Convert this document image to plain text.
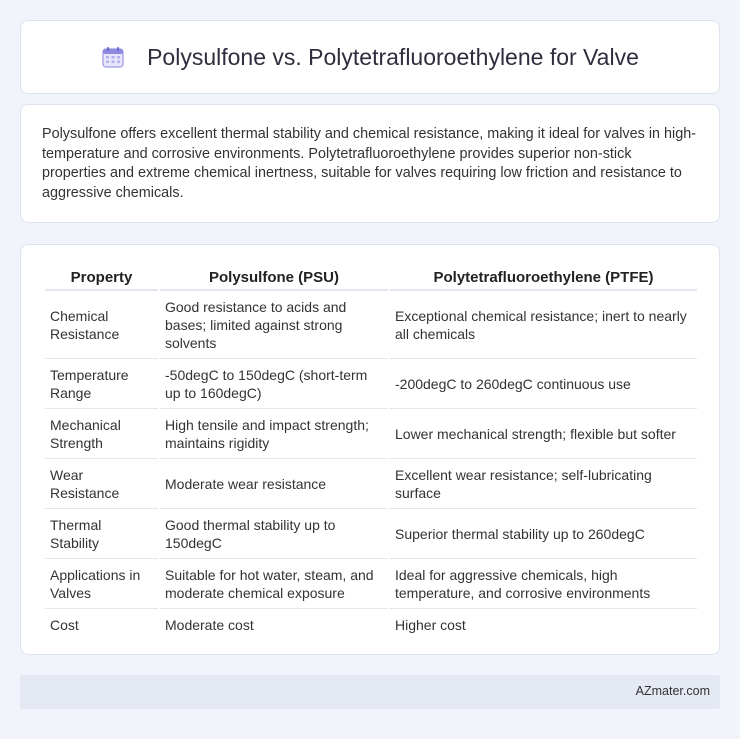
Polysulfone vs. Polytetrafluoroethylene for Valve

Polysulfone offers excellent thermal stability and chemical resistance, making it ideal for valves in high-temperature and corrosive environments. Polytetrafluoroethylene provides superior non-stick properties and extreme chemical inertness, suitable for valves requiring low friction and resistance to aggressive chemicals.

Property	Polysulfone (PSU)	Polytetrafluoroethylene (PTFE)
Chemical Resistance	Good resistance to acids and bases; limited against strong solvents	Exceptional chemical resistance; inert to nearly all chemicals
Temperature Range	-50degC to 150degC (short-term up to 160degC)	-200degC to 260degC continuous use
Mechanical Strength	High tensile and impact strength; maintains rigidity	Lower mechanical strength; flexible but softer
Wear Resistance	Moderate wear resistance	Excellent wear resistance; self-lubricating surface
Thermal Stability	Good thermal stability up to 150degC	Superior thermal stability up to 260degC
Applications in Valves	Suitable for hot water, steam, and moderate chemical exposure	Ideal for aggressive chemicals, high temperature, and corrosive environments
Cost	Moderate cost	Higher cost
AZmater.com
